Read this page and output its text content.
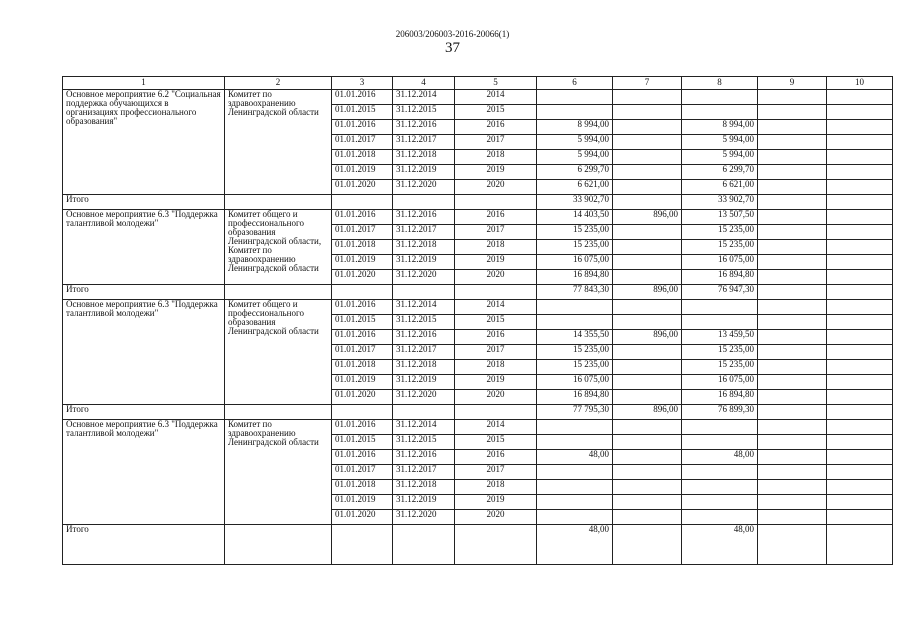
206003/206003-2016-20066(1)
37
1	2	3	4	5	6	7	8	9	10
Основное мероприятие 6.2 "Социальная поддержка обучающихся в организациях профессионального образования"	Комитет по здравоохранению Ленинградской области	01.01.2016	31.12.2014	2014					
		01.01.2015	31.12.2015	2015					
		01.01.2016	31.12.2016	2016	8 994,00		8 994,00		
		01.01.2017	31.12.2017	2017	5 994,00		5 994,00		
		01.01.2018	31.12.2018	2018	5 994,00		5 994,00		
		01.01.2019	31.12.2019	2019	6 299,70		6 299,70		
		01.01.2020	31.12.2020	2020	6 621,00		6 621,00		
Итого					33 902,70		33 902,70		
Основное мероприятие 6.3 "Поддержка талантливой молодежи"	Комитет общего и профессионального образования Ленинградской области, Комитет по здравоохранению Ленинградской области	01.01.2016	31.12.2016	2016	14 403,50	896,00	13 507,50		
		01.01.2017	31.12.2017	2017	15 235,00		15 235,00		
		01.01.2018	31.12.2018	2018	15 235,00		15 235,00		
		01.01.2019	31.12.2019	2019	16 075,00		16 075,00		
		01.01.2020	31.12.2020	2020	16 894,80		16 894,80		
Итого					77 843,30	896,00	76 947,30		
Основное мероприятие 6.3 "Поддержка талантливой молодежи"	Комитет общего и профессионального образования Ленинградской области	01.01.2016	31.12.2014	2014					
		01.01.2015	31.12.2015	2015					
		01.01.2016	31.12.2016	2016	14 355,50	896,00	13 459,50		
		01.01.2017	31.12.2017	2017	15 235,00		15 235,00		
		01.01.2018	31.12.2018	2018	15 235,00		15 235,00		
		01.01.2019	31.12.2019	2019	16 075,00		16 075,00		
		01.01.2020	31.12.2020	2020	16 894,80		16 894,80		
Итого					77 795,30	896,00	76 899,30		
Основное мероприятие 6.3 "Поддержка талантливой молодежи"	Комитет по здравоохранению Ленинградской области	01.01.2016	31.12.2014	2014					
		01.01.2015	31.12.2015	2015					
		01.01.2016	31.12.2016	2016	48,00		48,00		
		01.01.2017	31.12.2017	2017					
		01.01.2018	31.12.2018	2018					
		01.01.2019	31.12.2019	2019					
		01.01.2020	31.12.2020	2020					
Итого					48,00		48,00		
